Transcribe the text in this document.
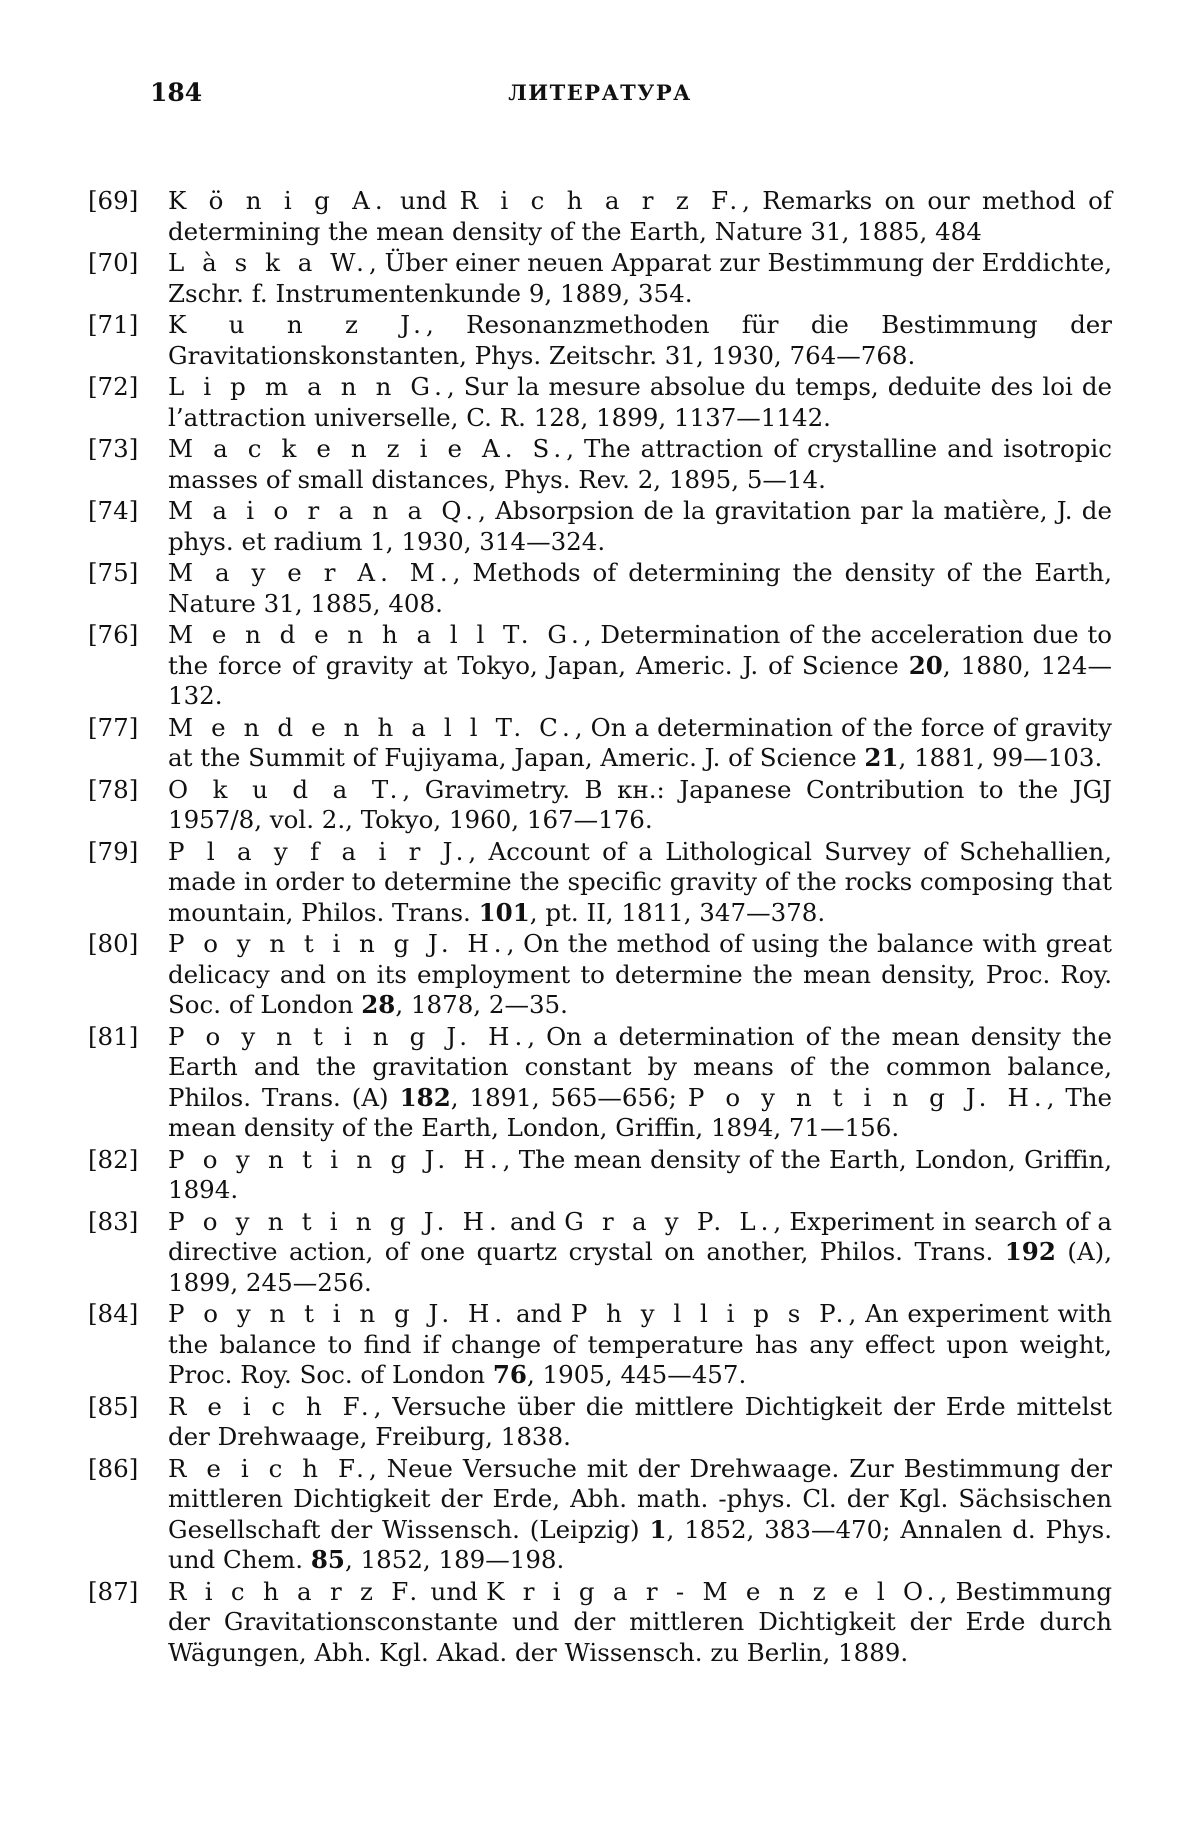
184	ЛИТЕРАТУРА
[69]	K ö n i g A. und R i c h a r z F., Remarks on our method of determining the mean density of the Earth, Nature 31, 1885, 484
[70]	L à s k a W., Über einer neuen Apparat zur Bestimmung der Erddichte, Zschr. f. Instrumentenkunde 9, 1889, 354.
[71]	K u n z J., Resonanzmethoden für die Bestimmung der Gravitationskonstanten, Phys. Zeitschr. 31, 1930, 764—768.
[72]	L i p m a n n G., Sur la mesure absolue du temps, deduite des loi de l’attraction universelle, C. R. 128, 1899, 1137—1142.
[73]	M a c k e n z i e A. S., The attraction of crystalline and isotropic masses of small distances, Phys. Rev. 2, 1895, 5—14.
[74]	M a i o r a n a Q., Absorpsion de la gravitation par la matière, J. de phys. et radium 1, 1930, 314—324.
[75]	M a y e r A. M., Methods of determining the density of the Earth, Nature 31, 1885, 408.
[76]	M e n d e n h a l l T. G., Determination of the acceleration due to the force of gravity at Tokyo, Japan, Americ. J. of Science 20, 1880, 124—132.
[77]	M e n d e n h a l l T. C., On a determination of the force of gravity at the Summit of Fujiyama, Japan, Americ. J. of Science 21, 1881, 99—103.
[78]	O k u d a T., Gravimetry. В кн.: Japanese Contribution to the JGJ 1957/8, vol. 2., Tokyo, 1960, 167—176.
[79]	P l a y f a i r J., Account of a Lithological Survey of Schehallien, made in order to determine the specific gravity of the rocks composing that mountain, Philos. Trans. 101, pt. II, 1811, 347—378.
[80]	P o y n t i n g J. H., On the method of using the balance with great delicacy and on its employment to determine the mean density, Proc. Roy. Soc. of London 28, 1878, 2—35.
[81]	P o y n t i n g J. H., On a determination of the mean density the Earth and the gravitation constant by means of the common balance, Philos. Trans. (A) 182, 1891, 565—656; P o y n t i n g J. H., The mean density of the Earth, London, Griffin, 1894, 71—156.
[82]	P o y n t i n g J. H., The mean density of the Earth, London, Griffin, 1894.
[83]	P o y n t i n g J. H. and G r a y P. L., Experiment in search of a directive action, of one quartz crystal on another, Philos. Trans. 192 (A), 1899, 245—256.
[84]	P o y n t i n g J. H. and P h y l l i p s P., An experiment with the balance to find if change of temperature has any effect upon weight, Proc. Roy. Soc. of London 76, 1905, 445—457.
[85]	R e i c h F., Versuche über die mittlere Dichtigkeit der Erde mittelst der Drehwaage, Freiburg, 1838.
[86]	R e i c h F., Neue Versuche mit der Drehwaage. Zur Bestimmung der mittleren Dichtigkeit der Erde, Abh. math. -phys. Cl. der Kgl. Sächsischen Gesellschaft der Wissensch. (Leipzig) 1, 1852, 383—470; Annalen d. Phys. und Chem. 85, 1852, 189—198.
[87]	R i c h a r z F. und K r i g a r - M e n z e l O., Bestimmung der Gravitationsconstante und der mittleren Dichtigkeit der Erde durch Wägungen, Abh. Kgl. Akad. der Wissensch. zu Berlin, 1889.
